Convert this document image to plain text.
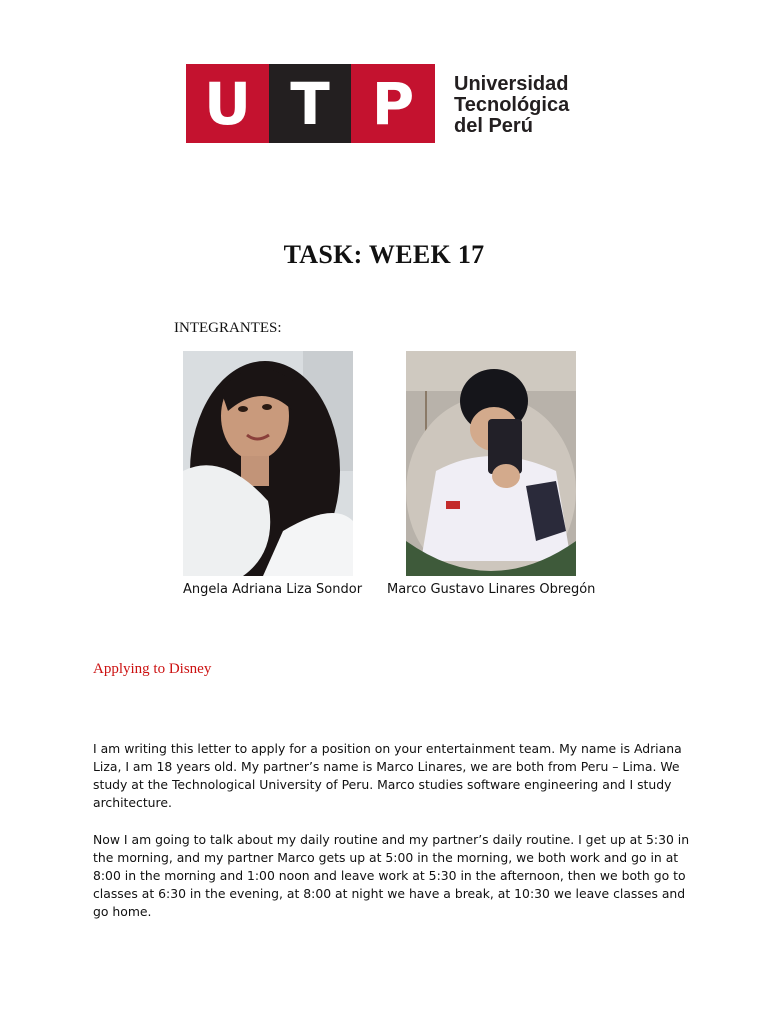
U T P Universidad
Tecnológica
del Perú
TASK: WEEK 17
INTEGRANTES:
Angela Adriana Liza Sondor Marco Gustavo Linares Obregón
Applying to Disney
I am writing this letter to apply for a position on your entertainment team. My name is Adriana Liza, I am 18 years old. My partner’s name is Marco Linares, we are both from Peru – Lima. We study at the Technological University of Peru. Marco studies software engineering and I study architecture.
Now I am going to talk about my daily routine and my partner’s daily routine. I get up at 5:30 in the morning, and my partner Marco gets up at 5:00 in the morning, we both work and go in at 8:00 in the morning and 1:00 noon and leave work at 5:30 in the afternoon, then we both go to classes at 6:30 in the evening, at 8:00 at night we have a break, at 10:30 we leave classes and go home.
